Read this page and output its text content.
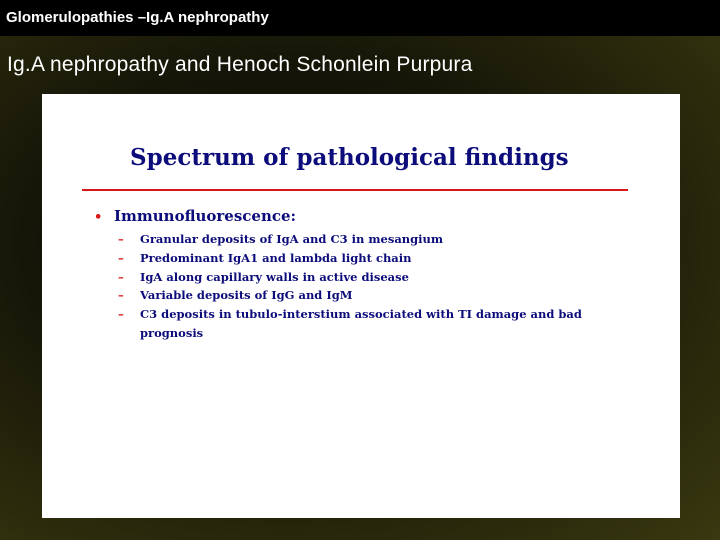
Glomerulopathies –Ig.A nephropathy
Ig.A nephropathy and Henoch Schonlein Purpura
Spectrum of pathological findings
• Immunofluorescence:
– Granular deposits of IgA and C3 in mesangium
– Predominant IgA1 and lambda light chain
– IgA along capillary walls in active disease
– Variable deposits of IgG and IgM
– C3 deposits in tubulo-interstium associated with TI damage and bad prognosis
